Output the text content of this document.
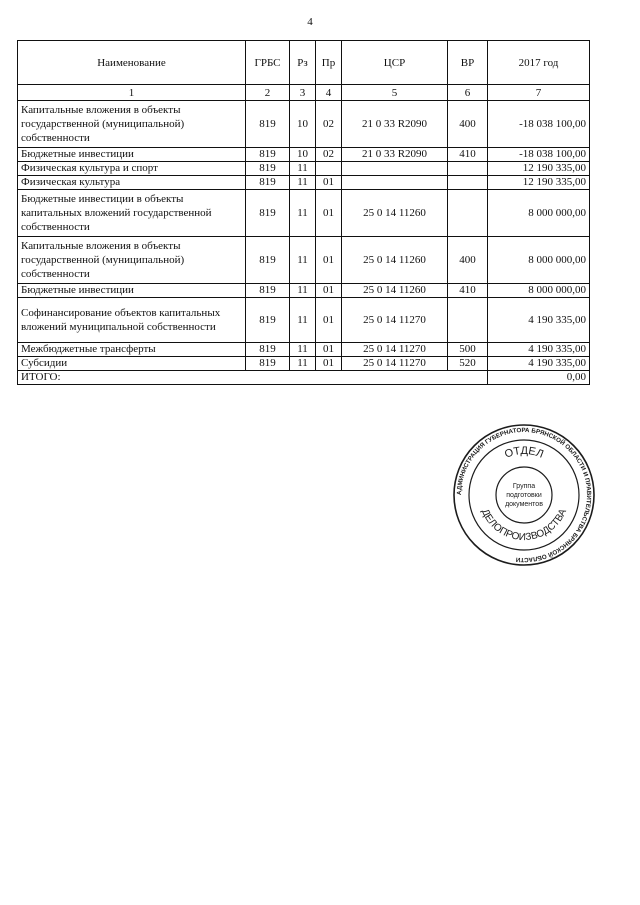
4
Наименование	ГРБС	Рз	Пр	ЦСР	ВР	2017 год
1	2	3	4	5	6	7
Капитальные вложения в объекты государственной (муниципальной) собственности	819	10	02	21 0 33 R2090	400	-18 038 100,00
Бюджетные инвестиции	819	10	02	21 0 33 R2090	410	-18 038 100,00
Физическая культура и спорт	819	11				12 190 335,00
Физическая культура	819	11	01			12 190 335,00
Бюджетные инвестиции в объекты капитальных вложений государственной собственности	819	11	01	25 0 14 11260		8 000 000,00
Капитальные вложения в объекты государственной (муниципальной) собственности	819	11	01	25 0 14 11260	400	8 000 000,00
Бюджетные инвестиции	819	11	01	25 0 14 11260	410	8 000 000,00
Софинансирование объектов капитальных вложений муниципальной собственности	819	11	01	25 0 14 11270		4 190 335,00
Межбюджетные трансферты	819	11	01	25 0 14 11270	500	4 190 335,00
Субсидии	819	11	01	25 0 14 11270	520	4 190 335,00
ИТОГО:						0,00
АДМИНИСТРАЦИЯ ГУБЕРНАТОРА БРЯНСКОЙ ОБЛАСТИ И ПРАВИТЕЛЬСТВА БРЯНСКОЙ ОБЛАСТИ
ОТДЕЛ
ДЕЛОПРОИЗВОДСТВА
Группа
подготовки
документов
